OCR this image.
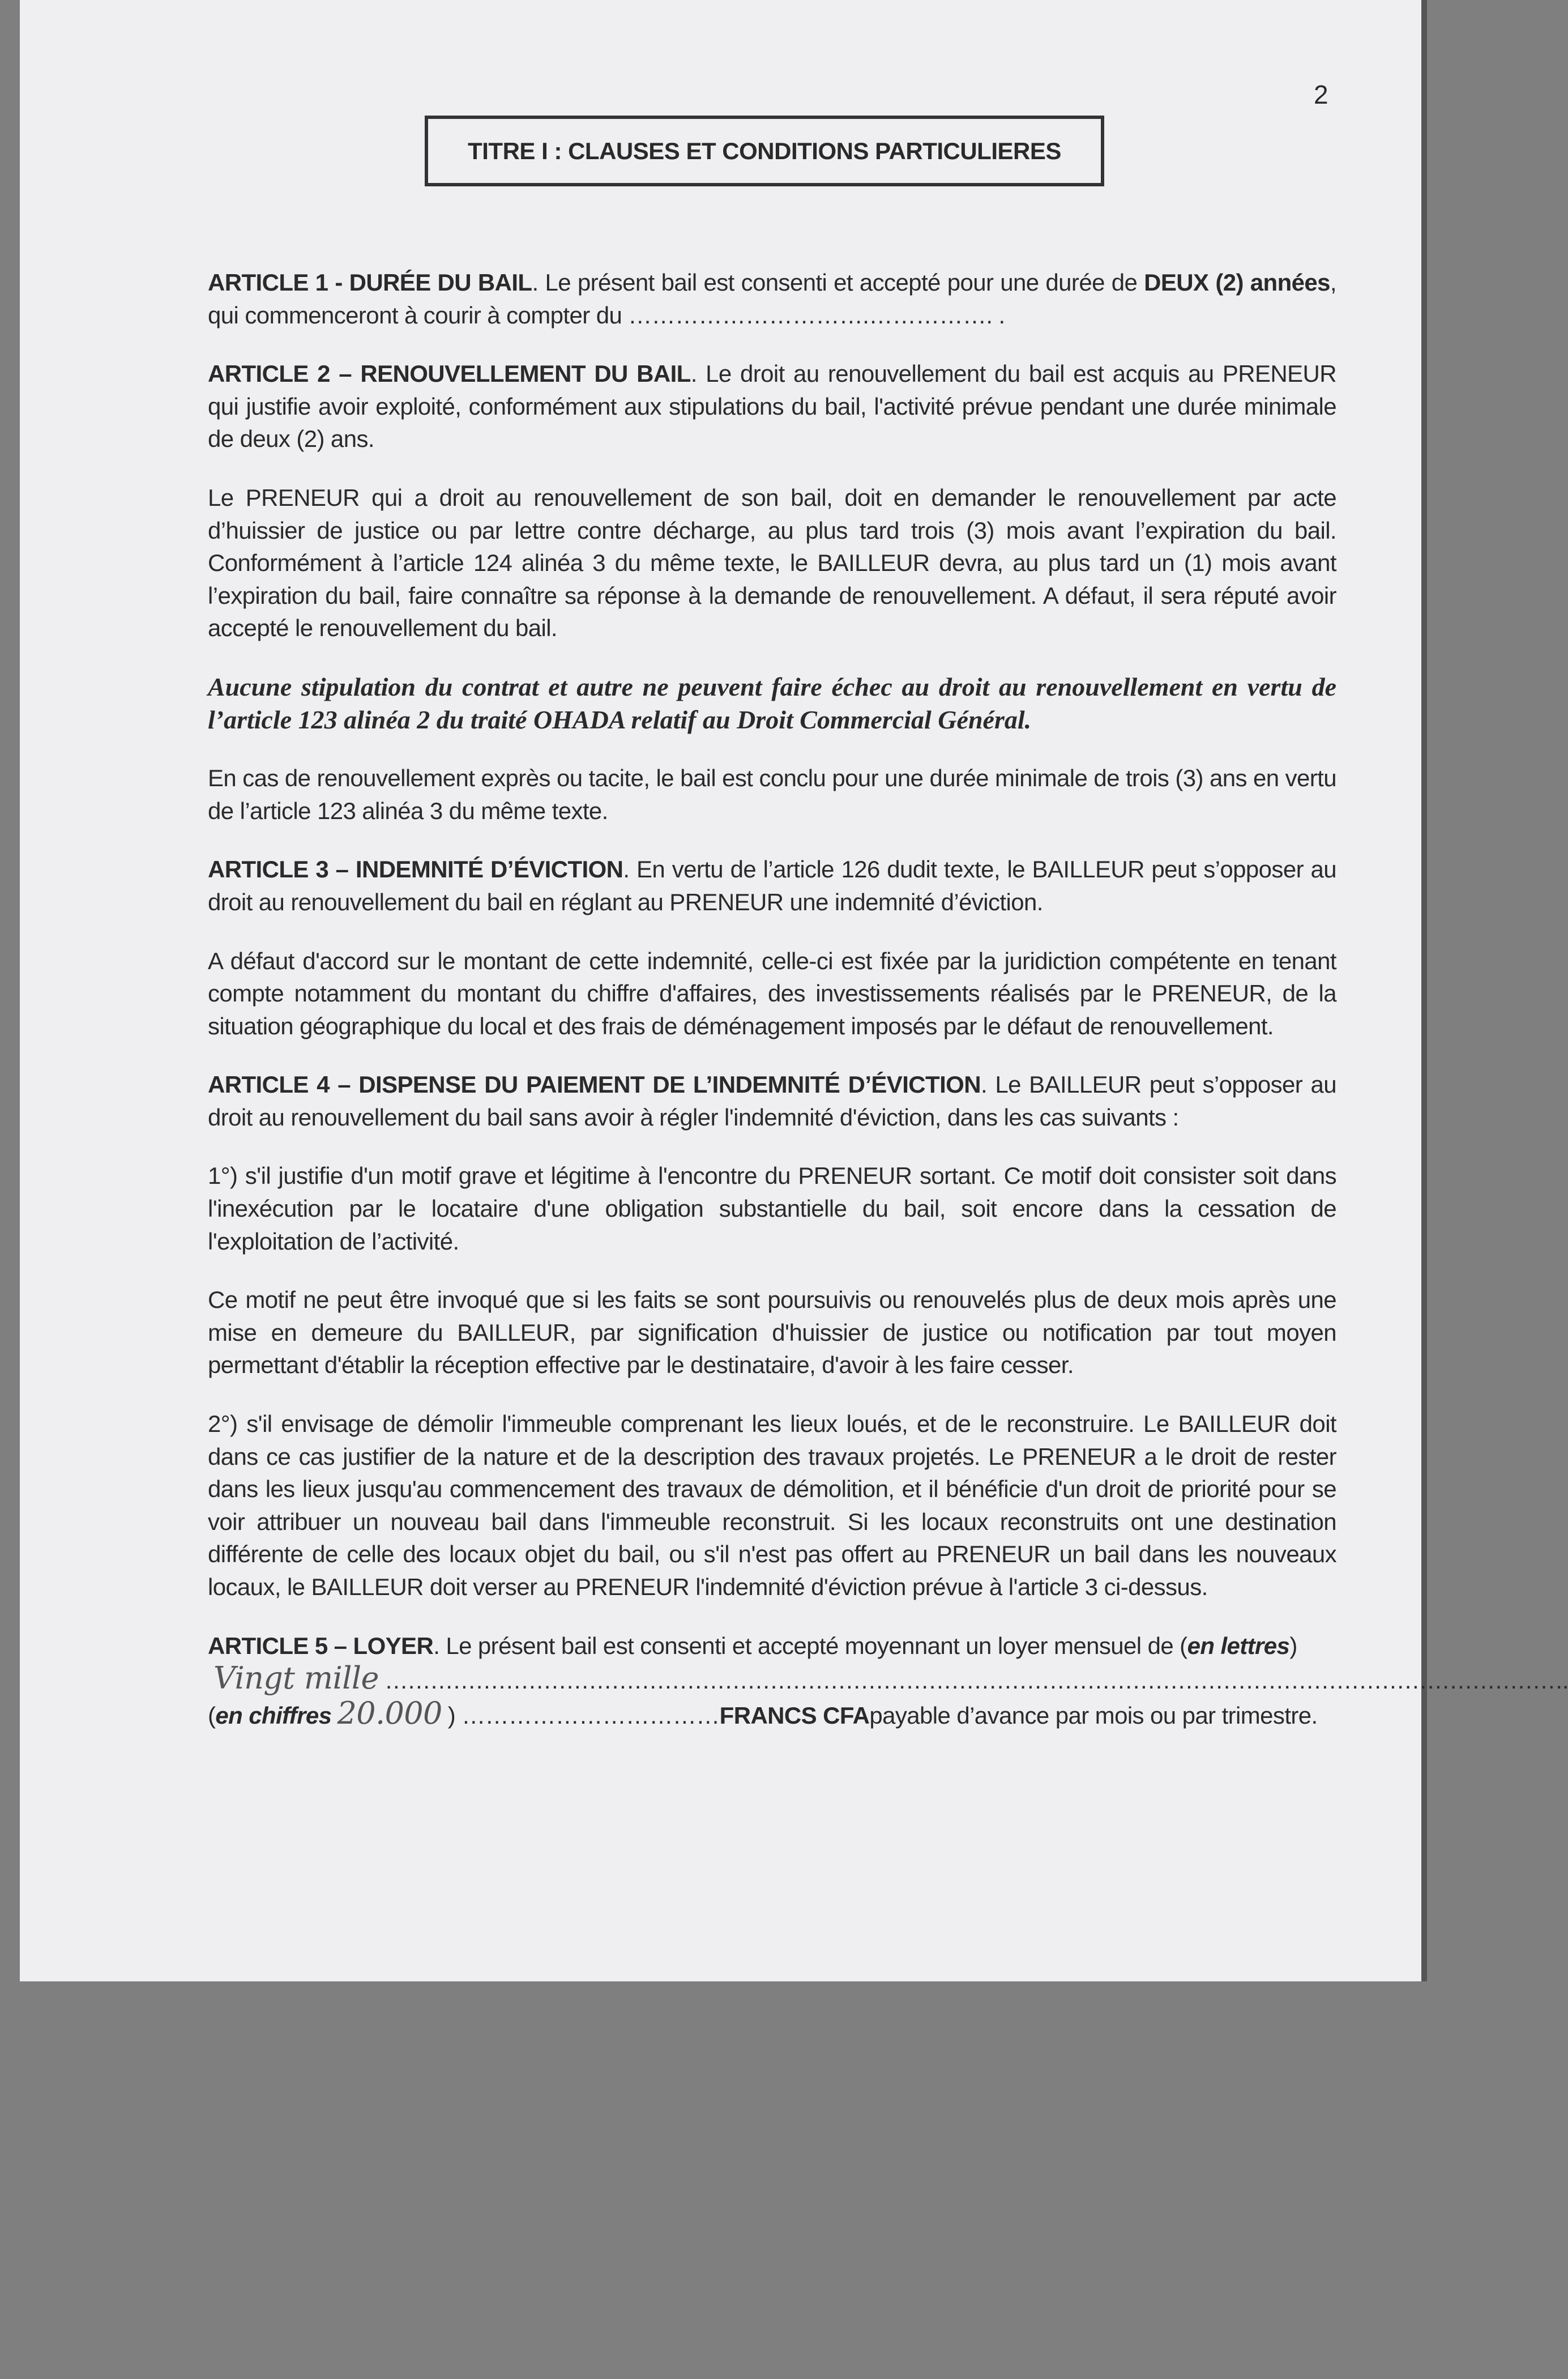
2
TITRE I : CLAUSES ET CONDITIONS PARTICULIERES
ARTICLE 1 - DURÉE DU BAIL. Le présent bail est consenti et accepté pour une durée de DEUX (2) années, qui commenceront à courir à compter du ………………………….……………. .
ARTICLE 2 – RENOUVELLEMENT DU BAIL. Le droit au renouvellement du bail est acquis au PRENEUR qui justifie avoir exploité, conformément aux stipulations du bail, l'activité prévue pendant une durée minimale de deux (2) ans.
Le PRENEUR qui a droit au renouvellement de son bail, doit en demander le renouvellement par acte d’huissier de justice ou par lettre contre décharge, au plus tard trois (3) mois avant l’expiration du bail. Conformément à l’article 124 alinéa 3 du même texte, le BAILLEUR devra, au plus tard un (1) mois avant l’expiration du bail, faire connaître sa réponse à la demande de renouvellement. A défaut, il sera réputé avoir accepté le renouvellement du bail.
Aucune stipulation du contrat et autre ne peuvent faire échec au droit au renouvellement en vertu de l’article 123 alinéa 2 du traité OHADA relatif au Droit Commercial Général.
En cas de renouvellement exprès ou tacite, le bail est conclu pour une durée minimale de trois (3) ans en vertu de l’article 123 alinéa 3 du même texte.
ARTICLE 3 – INDEMNITÉ D’ÉVICTION. En vertu de l’article 126 dudit texte, le BAILLEUR peut s’opposer au droit au renouvellement du bail en réglant au PRENEUR une indemnité d’éviction.
A défaut d'accord sur le montant de cette indemnité, celle-ci est fixée par la juridiction compétente en tenant compte notamment du montant du chiffre d'affaires, des investissements réalisés par le PRENEUR, de la situation géographique du local et des frais de déménagement imposés par le défaut de renouvellement.
ARTICLE 4 – DISPENSE DU PAIEMENT DE L’INDEMNITÉ D’ÉVICTION. Le BAILLEUR peut s’opposer au droit au renouvellement du bail sans avoir à régler l'indemnité d'éviction, dans les cas suivants :
1°) s'il justifie d'un motif grave et légitime à l'encontre du PRENEUR sortant. Ce motif doit consister soit dans l'inexécution par le locataire d'une obligation substantielle du bail, soit encore dans la cessation de l'exploitation de l’activité.
Ce motif ne peut être invoqué que si les faits se sont poursuivis ou renouvelés plus de deux mois après une mise en demeure du BAILLEUR, par signification d'huissier de justice ou notification par tout moyen permettant d'établir la réception effective par le destinataire, d'avoir à les faire cesser.
2°) s'il envisage de démolir l'immeuble comprenant les lieux loués, et de le reconstruire. Le BAILLEUR doit dans ce cas justifier de la nature et de la description des travaux projetés. Le PRENEUR a le droit de rester dans les lieux jusqu'au commencement des travaux de démolition, et il bénéficie d'un droit de priorité pour se voir attribuer un nouveau bail dans l'immeuble reconstruit. Si les locaux reconstruits ont une destination différente de celle des locaux objet du bail, ou s'il n'est pas offert au PRENEUR un bail dans les nouveaux locaux, le BAILLEUR doit verser au PRENEUR l'indemnité d'éviction prévue à l'article 3 ci-dessus.
ARTICLE 5 – LOYER. Le présent bail est consenti et accepté moyennant un loyer mensuel de (en lettres)
Vingt mille ………………………………………………………………………………………………………………………………………….
( en chiffres 20.000 ) …………………………… FRANCS CFA payable d’avance par mois ou par trimestre.
